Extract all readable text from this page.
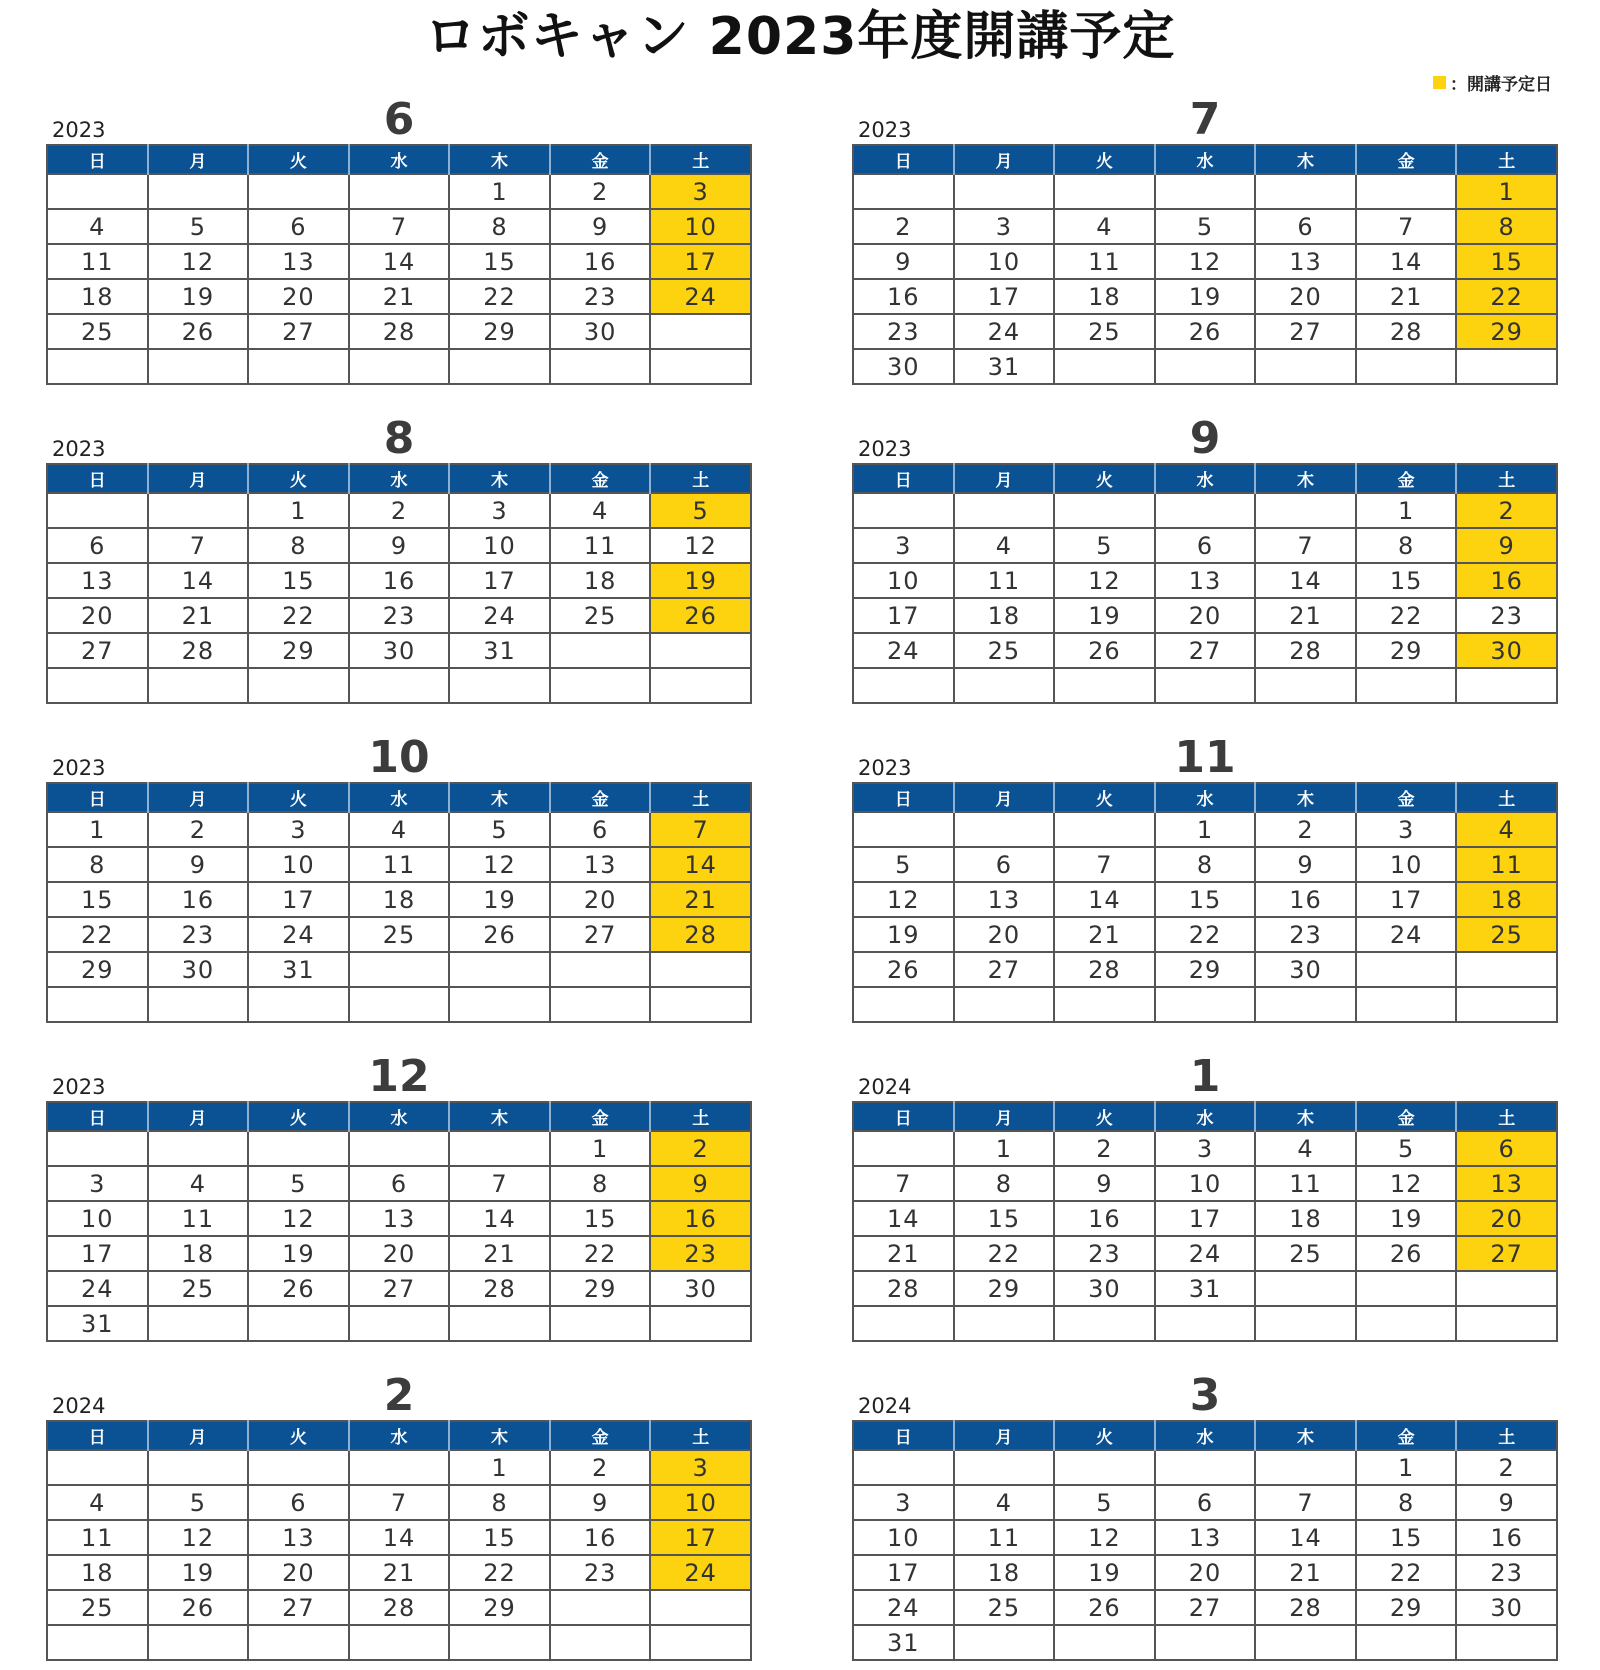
ロボキャン 2023年度開講予定
：開講予定日
2023	6
日	月	火	水	木	金	土
				1	2	3
4	5	6	7	8	9	10
11	12	13	14	15	16	17
18	19	20	21	22	23	24
25	26	27	28	29	30	

2023	7
日	月	火	水	木	金	土
						1
2	3	4	5	6	7	8
9	10	11	12	13	14	15
16	17	18	19	20	21	22
23	24	25	26	27	28	29
30	31					
2023	8
日	月	火	水	木	金	土
		1	2	3	4	5
6	7	8	9	10	11	12
13	14	15	16	17	18	19
20	21	22	23	24	25	26
27	28	29	30	31		

2023	9
日	月	火	水	木	金	土
					1	2
3	4	5	6	7	8	9
10	11	12	13	14	15	16
17	18	19	20	21	22	23
24	25	26	27	28	29	30

2023	10
日	月	火	水	木	金	土
1	2	3	4	5	6	7
8	9	10	11	12	13	14
15	16	17	18	19	20	21
22	23	24	25	26	27	28
29	30	31				

2023	11
日	月	火	水	木	金	土
			1	2	3	4
5	6	7	8	9	10	11
12	13	14	15	16	17	18
19	20	21	22	23	24	25
26	27	28	29	30		

2023	12
日	月	火	水	木	金	土
					1	2
3	4	5	6	7	8	9
10	11	12	13	14	15	16
17	18	19	20	21	22	23
24	25	26	27	28	29	30
31						
2024	1
日	月	火	水	木	金	土
	1	2	3	4	5	6
7	8	9	10	11	12	13
14	15	16	17	18	19	20
21	22	23	24	25	26	27
28	29	30	31			

2024	2
日	月	火	水	木	金	土
				1	2	3
4	5	6	7	8	9	10
11	12	13	14	15	16	17
18	19	20	21	22	23	24
25	26	27	28	29		

2024	3
日	月	火	水	木	金	土
					1	2
3	4	5	6	7	8	9
10	11	12	13	14	15	16
17	18	19	20	21	22	23
24	25	26	27	28	29	30
31						
